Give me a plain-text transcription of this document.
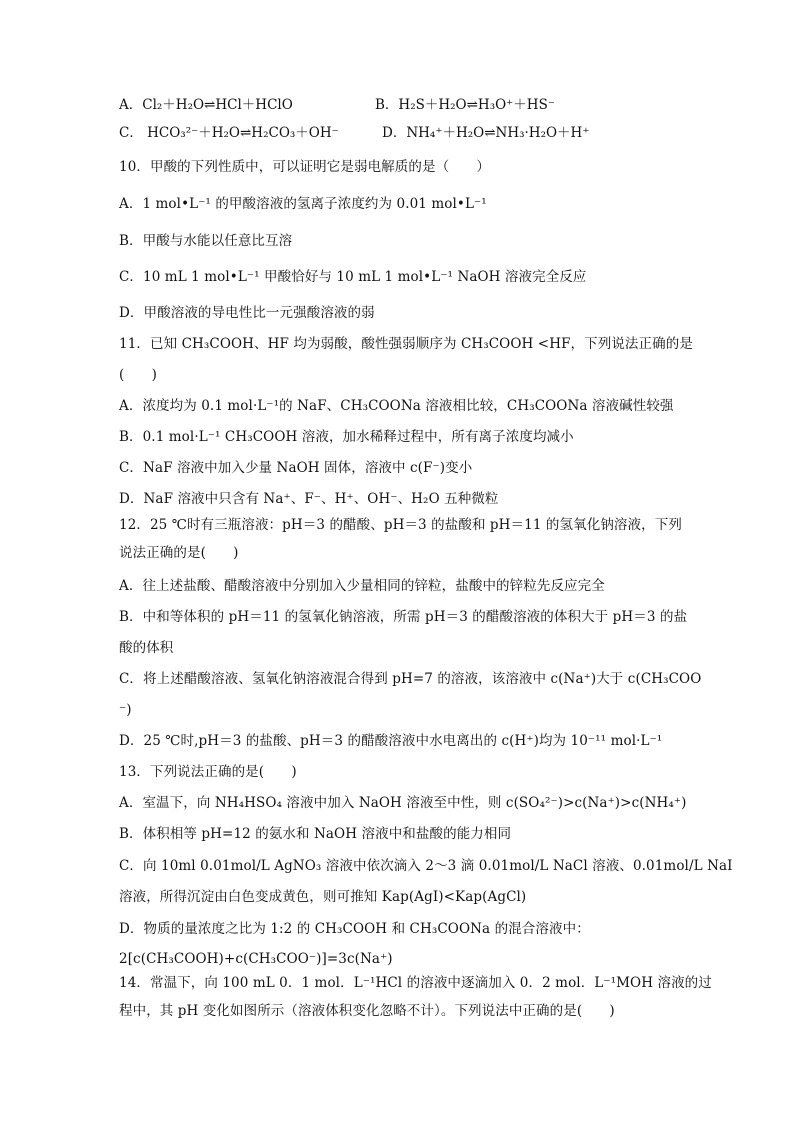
A．Cl₂＋H₂O⇌HCl＋HClO	B．H₂S＋H₂O⇌H₃O⁺＋HS⁻
C． HCO₃²⁻＋H₂O⇌H₂CO₃＋OH⁻	D．NH₄⁺＋H₂O⇌NH₃·H₂O＋H⁺
10．甲酸的下列性质中，可以证明它是弱电解质的是（　　）
A．1 mol•L⁻¹ 的甲酸溶液的氢离子浓度约为 0.01 mol•L⁻¹
B．甲酸与水能以任意比互溶
C．10 mL 1 mol•L⁻¹ 甲酸恰好与 10 mL 1 mol•L⁻¹ NaOH 溶液完全反应
D．甲酸溶液的导电性比一元强酸溶液的弱
11．已知 CH₃COOH、HF 均为弱酸，酸性强弱顺序为 CH₃COOH <HF，下列说法正确的是
(　　)
A．浓度均为 0.1 mol·L⁻¹的 NaF、CH₃COONa 溶液相比较，CH₃COONa 溶液碱性较强
B．0.1 mol·L⁻¹ CH₃COOH 溶液，加水稀释过程中，所有离子浓度均减小
C．NaF 溶液中加入少量 NaOH 固体，溶液中 c(F⁻)变小
D．NaF 溶液中只含有 Na⁺、F⁻、H⁺、OH⁻、H₂O 五种微粒
12．25 ℃时有三瓶溶液：pH＝3 的醋酸、pH＝3 的盐酸和 pH＝11 的氢氧化钠溶液，下列
说法正确的是(　　)
A．往上述盐酸、醋酸溶液中分别加入少量相同的锌粒，盐酸中的锌粒先反应完全
B．中和等体积的 pH＝11 的氢氧化钠溶液，所需 pH＝3 的醋酸溶液的体积大于 pH＝3 的盐
酸的体积
C．将上述醋酸溶液、氢氧化钠溶液混合得到 pH=7 的溶液，该溶液中 c(Na⁺)大于 c(CH₃COO
⁻)
D．25 ℃时,pH＝3 的盐酸、pH＝3 的醋酸溶液中水电离出的 c(H⁺)均为 10⁻¹¹ mol·L⁻¹
13．下列说法正确的是(　　)
A．室温下，向 NH₄HSO₄ 溶液中加入 NaOH 溶液至中性，则 c(SO₄²⁻)>c(Na⁺)>c(NH₄⁺)
B．体积相等 pH=12 的氨水和 NaOH 溶液中和盐酸的能力相同
C．向 10ml 0.01mol/L AgNO₃ 溶液中依次滴入 2～3 滴 0.01mol/L NaCl 溶液、0.01mol/L NaI
溶液，所得沉淀由白色变成黄色，则可推知 Kap(AgI)<Kap(AgCl)
D．物质的量浓度之比为 1:2 的 CH₃COOH 和 CH₃COONa 的混合溶液中：
2[c(CH₃COOH)+c(CH₃COO⁻)]=3c(Na⁺)
14．常温下，向 100 mL 0．1 mol．L⁻¹HCl 的溶液中逐滴加入 0．2 mol．L⁻¹MOH 溶液的过
程中，其 pH 变化如图所示（溶液体积变化忽略不计）。下列说法中正确的是(　　)
